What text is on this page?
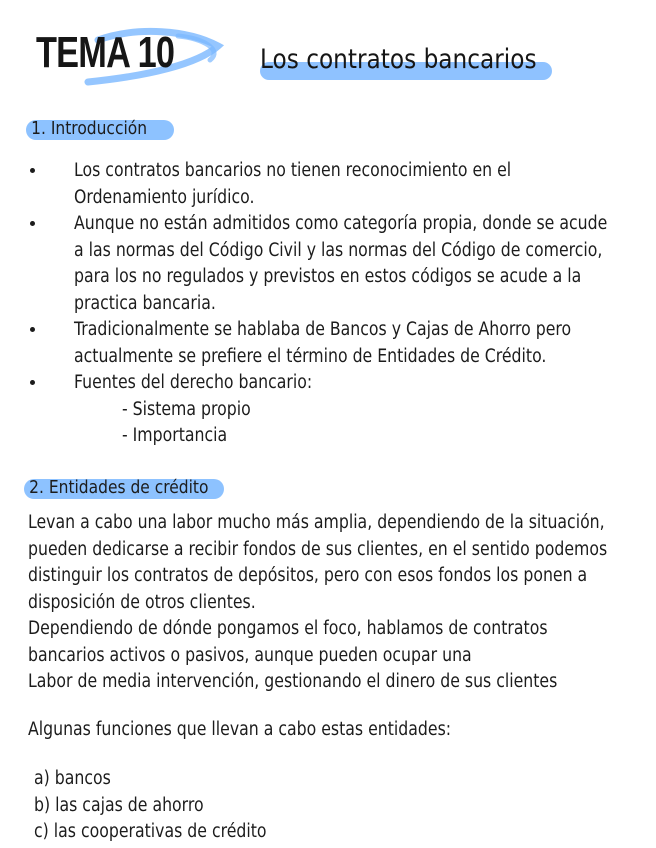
TEMA 10	Los contratos bancarios
1. Introducción
Los contratos bancarios no tienen reconocimiento en el
Ordenamiento jurídico.
Aunque no están admitidos como categoría propia, donde se acude
a las normas del Código Civil y las normas del Código de comercio,
para los no regulados y previstos en estos códigos se acude a la
practica bancaria.
Tradicionalmente se hablaba de Bancos y Cajas de Ahorro pero
actualmente se prefiere el término de Entidades de Crédito.
Fuentes del derecho bancario:
- Sistema propio
- Importancia
2. Entidades de crédito
Levan a cabo una labor mucho más amplia, dependiendo de la situación,
pueden dedicarse a recibir fondos de sus clientes, en el sentido podemos
distinguir los contratos de depósitos, pero con esos fondos los ponen a
disposición de otros clientes.
Dependiendo de dónde pongamos el foco, hablamos de contratos
bancarios activos o pasivos, aunque pueden ocupar una
Labor de media intervención, gestionando el dinero de sus clientes
Algunas funciones que llevan a cabo estas entidades:
a) bancos
b) las cajas de ahorro
c) las cooperativas de crédito
